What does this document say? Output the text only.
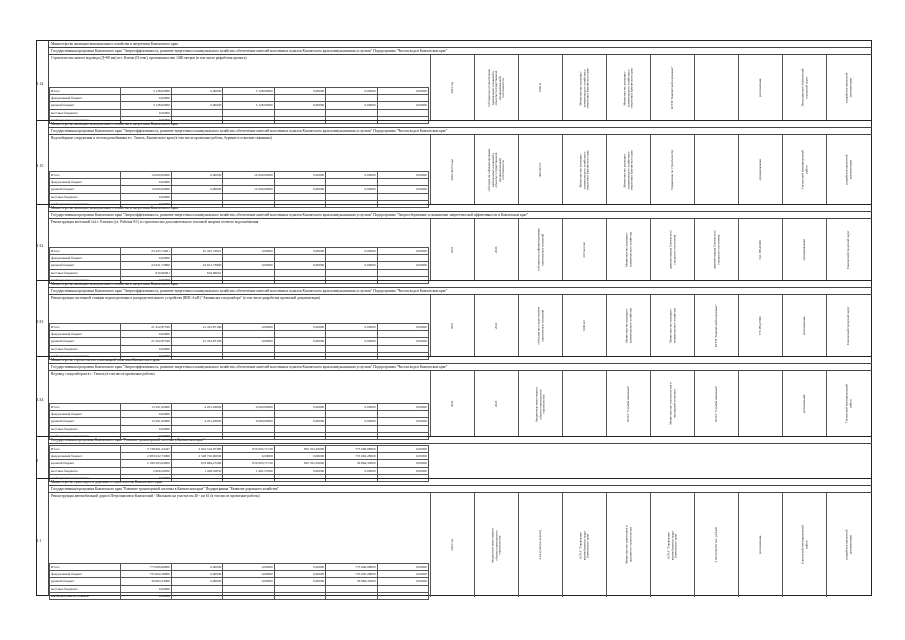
8.14
Министерство жилищно-коммунального хозяйства и энергетики Камчатского края
Государственная программа Камчатского края "Энергоэффективность, развитие энергетики и коммунального хозяйства, обеспечение жителей населенных пунктов Камчатского края коммунальными услугами" Подпрограмма "Чистая вода в Камчатском крае"
Строительство нового водовода (Д=80 мм) пгт. Ключи (II этап), протяженностью 1460 метров (в том числе разработка проекта)
Итого	3 128,00000	0,00000	3 128,00000	0,00000	0,00000	0,00000
федеральный бюджет	0,00000					
краевой бюджет	3 128,00000	0,00000	3 128,00000	0,00000	0,00000	0,00000
местные бюджеты	0,00000					
внебюджетные источники	0,00000					
2023 год	субсидия на осуществление капитальных вложений в объекты государственной (муниципальной) собственности	1460 м	Министерство жилищно-коммунального хозяйства и энергетики Камчатского края	Министерство жилищно-коммунального хозяйства и энергетики Камчатского края	КГУП "Камчатский водоканал"	региональная	Петропавловск-Камчатский городской округ	разработка проектной документации
8.15
Министерство жилищно-коммунального хозяйства и энергетики Камчатского края
Государственная программа Камчатского края "Энергоэффективность, развитие энергетики и коммунального хозяйства, обеспечение жителей населенных пунктов Камчатского края коммунальными услугами" Подпрограмма "Чистая вода в Камчатском крае"
Водозаборные сооружения и сети водоснабжения в с. Тигиль, Камчатского края (в том числе проектные работы, бурение и освоение скважины)
Итого	14 000,00000	0,00000	14 000,00000	0,00000	0,00000	0,00000
федеральный бюджет	0,00000					
краевой бюджет	14 000,00000	0,00000	14 000,00000	0,00000	0,00000	0,00000
местные бюджеты	0,00000					
внебюджетные источники	0,00000					
2022-2023 годы	субсидия на софинансирование капитальных вложений в объекты государственной (муниципальной) собственности	400 м3/сут	Министерство жилищно-коммунального хозяйства и энергетики Камчатского края	Министерство жилищно-коммунального хозяйства и энергетики Камчатского края	Управление по строительству	муниципальная	Тигильский муниципальный район	разработка проектной документации
8.32
Министерство жилищно-коммунального хозяйства и энергетики Камчатского края
Государственная программа Камчатского края "Энергоэффективность, развитие энергетики и коммунального хозяйства, обеспечение жителей населенных пунктов Камчатского края коммунальными услугами" Подпрограмма "Энергосбережение и повышение энергетической эффективности в Камчатском крае"
Реконструкция котельной №2 г. Елизово (ул. Рабочая 9/1) и строительство дополнительного тепловой энергии сетевого водоснабжения
Итого	25 425,74921	25 425,74921	0,00000	0,00000	0,00000	0,00000
федеральный бюджет	0,00000					
краевой бюджет	24 631,73860	24 631,73860	0,00000	0,00000	0,00000	0,00000
местные бюджеты	819,96061	819,96061				
внебюджетные источники	0,00000					
2021	2020	субсидия на софинансирование капитальных вложений	20 Гкал/час	Министерство жилищно-коммунального хозяйства	администрация Елизовского городского поселения	администрация Елизовского городского поселения	641 188,45000	муниципальная	Елизовский городской округ
8.33
Министерство жилищно-коммунального хозяйства и энергетики Камчатского края
Государственная программа Камчатского края "Энергоэффективность, развитие энергетики и коммунального хозяйства, обеспечение жителей населенных пунктов Камчатского края коммунальными услугами" Подпрограмма "Чистая вода в Камчатском крае"
Реконструкция системной станции водоподготовки и распределительного устройства (ВНС-6 кВ) "Авачинского водозабора" (в том числе разработка проектной документации)
Итого	21 452,87196	21 452,87196	0,00000	0,00000	0,00000	0,00000
федеральный бюджет	0,00000					
краевой бюджет	21 452,87196	21 452,87196	0,00000	0,00000	0,00000	0,00000
местные бюджеты	0,00000					
внебюджетные источники	0,00000					
2021	2022	субсидия на осуществление капитальных вложений	3200 м3	Министерство жилищно-коммунального хозяйства	Министерство жилищно-коммунального хозяйства	КГУП "Камчатский водоканал"	776 186,47000	региональная	Елизовский городской округ
8.34
Министерство строительства и жилищной политики Камчатского края
Государственная программа Камчатского края "Энергоэффективность, развитие энергетики и коммунального хозяйства, обеспечение жителей населенных пунктов Камчатского края коммунальными услугами" Подпрограмма "Чистая вода в Камчатском крае"
Водовод с водозабором в с. Тигиль (в том числе проектные работы)
Итого	13 201,00000	4 201,00000	9 000,00000	0,00000	0,00000	0,00000
федеральный бюджет	0,00000					
краевой бюджет	13 201,00000	4 201,00000	9 000,00000	0,00000	0,00000	0,00000
местные бюджеты	0,00000					
внебюджетные источники	0,00000					
2022	2023	бюджетные инвестиции в объекты капитального строительства	КГКУ "Служба заказчика"	Министерство строительства и жилищной политики	КГКУ "Служба заказчика"	региональная	Тигильский муниципальный район
9
Государственная программа Камчатского края "Развитие транспортной системы в Камчатском крае"
Итого	3 748 991,23447	2 924 516,07385	819 005,71720	650 352,29000	773 606,68000	0,00000
федеральный бюджет	2 983 022,73000	2 548 720,00000	0,00000	0,00000	735 602,28000	0,00000
краевой бюджет	2 180 203,64856	674 684,27286	819 005,71720	650 352,29000	36 864,33000	0,00000
местные бюджеты	2 900,29050	1 428,50050	1 491,27000	0,00000	0,00000	0,00000
внебюджетные источники	0,00000					
9.1
Министерство транспорта и дорожного строительства Камчатского края
Государственная программа Камчатского края "Развитие транспортной системы в Камчатском крае" Подпрограмма "Развитие дорожного хозяйства"
Реконструкция автомобильной дороги Петропавловск-Камчатский - Мильково на участке км 40 - км 61 (в том числе проектные работы)
Итого	773 606,68000	0,00000	0,00000	0,00000	773 606,68000	0,00000
федеральный бюджет	735 602,28000	0,00000	0,00000	0,00000	735 602,28000	0,00000
краевой бюджет	36 864,33000	0,00000	0,00000	0,00000	36 864,33000	0,00000
местные бюджеты	0,00000					
внебюджетные источники	0,00000					
2024 год	бюджетные инвестиции в объекты капитального строительства	4 км (участок дороги)	КГКУ "Управление автомобильных дорог Камчатского края"	Министерство транспорта и дорожного строительства	КГКУ "Управление автомобильных дорог Камчатского края"	2 923 020,310 тыс. рублей	региональная	Елизовский муниципальный район	разработка проектной документации
